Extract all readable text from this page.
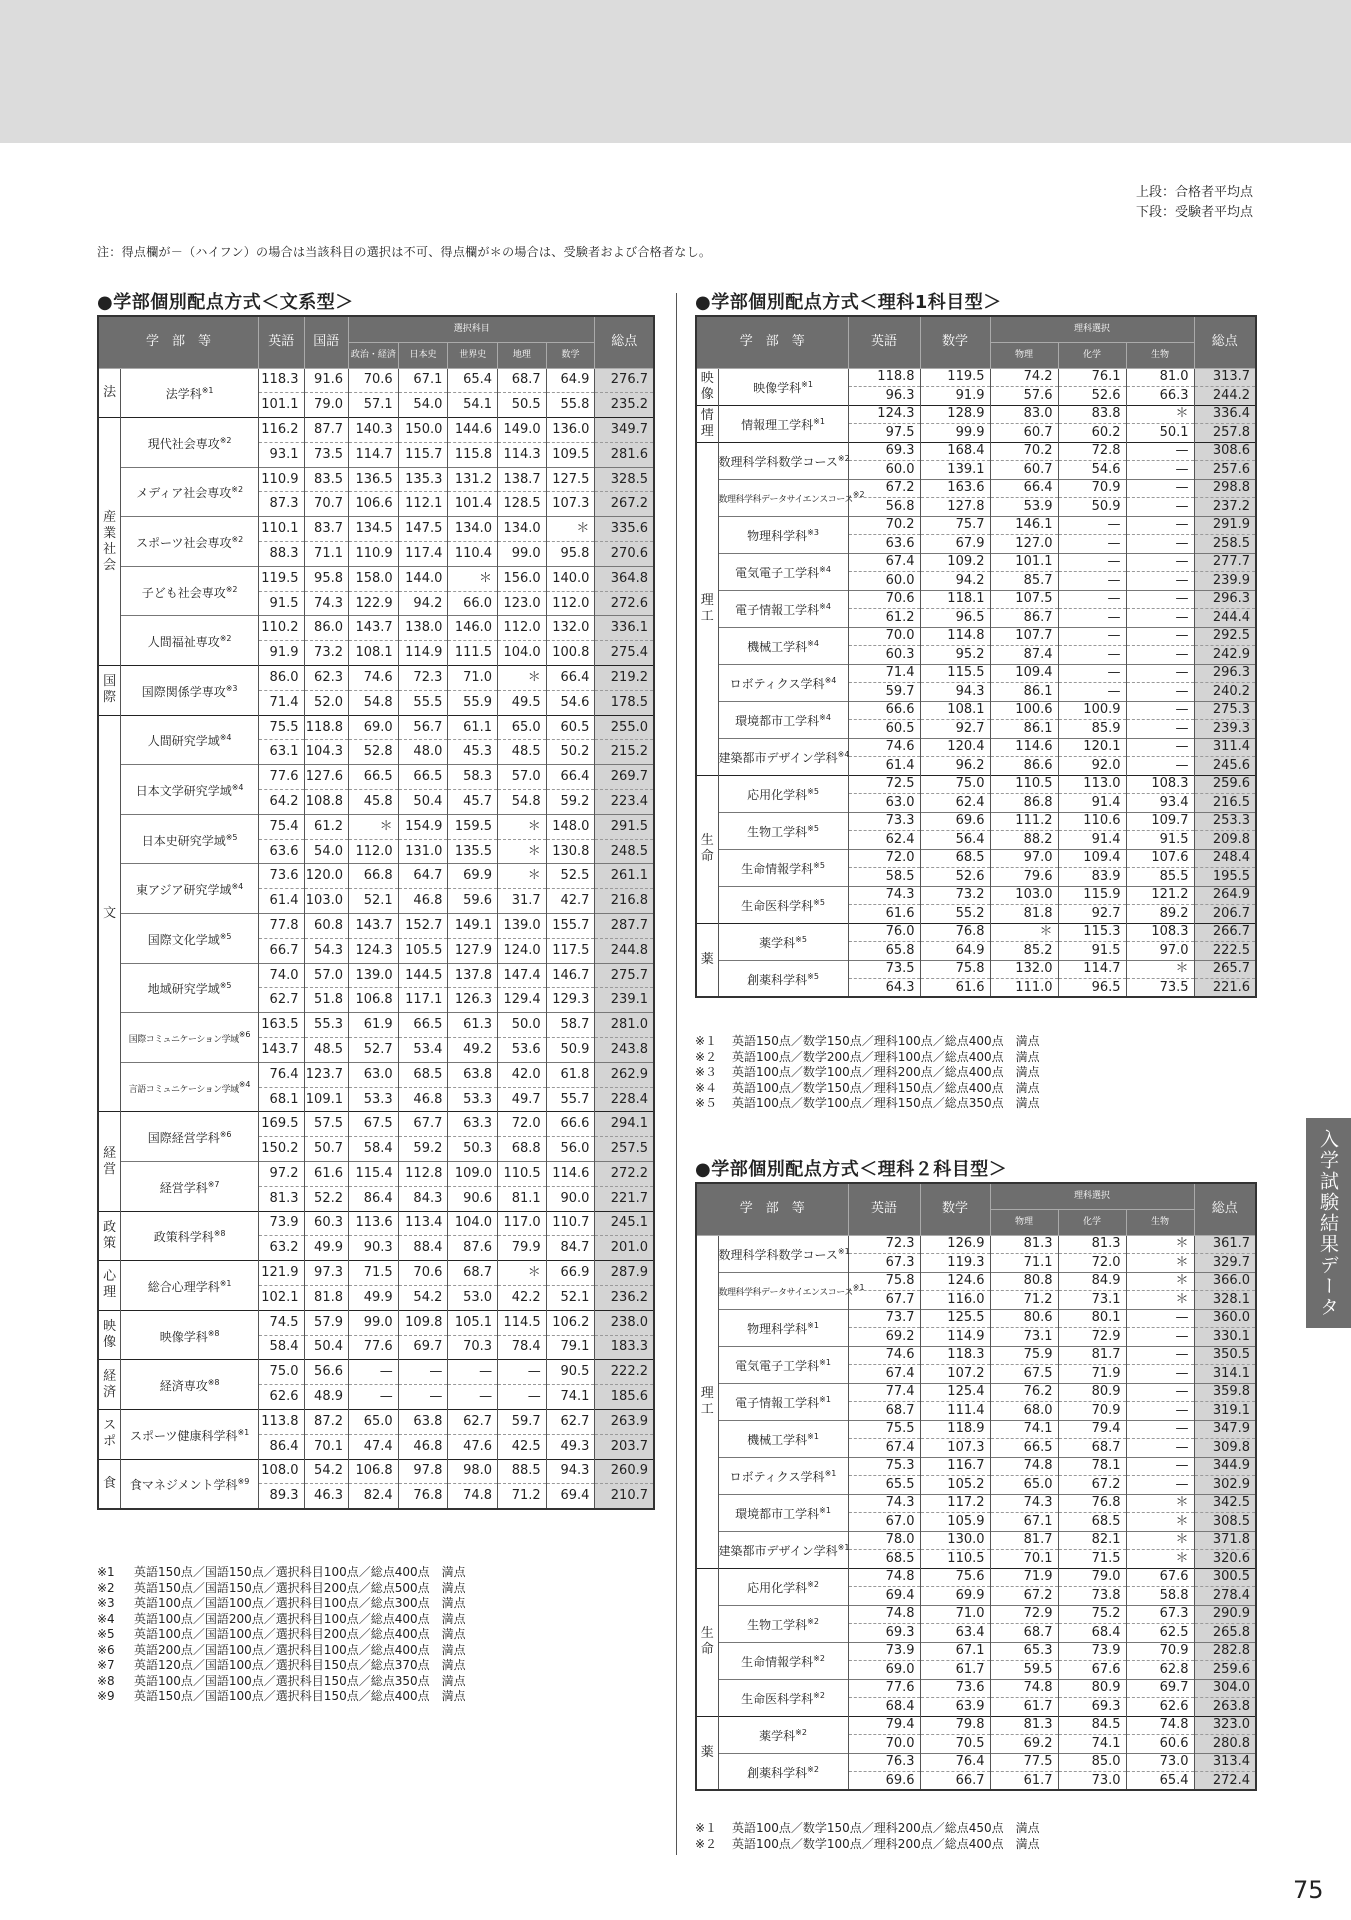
上段：合格者平均点
下段：受験者平均点
注：得点欄が－（ハイフン）の場合は当該科目の選択は不可、得点欄が＊の場合は、受験者および合格者なし。
●学部個別配点方式＜文系型＞
学　部　等		英語	国語	選択科目					総点
				政治・経済	日本史	世界史	地理	数学	

法	法学科$^{※1}$	118.3	91.6	70.6	67.1	65.4	68.7	64.9	276.7
		101.1	79.0	57.1	54.0	54.1	50.5	55.8	235.2

産
業
社
会	現代社会専攻$^{※2}$	116.2	87.7	140.3	150.0	144.6	149.0	136.0	349.7
		93.1	73.5	114.7	115.7	115.8	114.3	109.5	281.6
	メディア社会専攻$^{※2}$	110.9	83.5	136.5	135.3	131.2	138.7	127.5	328.5
		87.3	70.7	106.6	112.1	101.4	128.5	107.3	267.2
	スポーツ社会専攻$^{※2}$	110.1	83.7	134.5	147.5	134.0	134.0	＊	335.6
		88.3	71.1	110.9	117.4	110.4	99.0	95.8	270.6
	子ども社会専攻$^{※2}$	119.5	95.8	158.0	144.0	＊	156.0	140.0	364.8
		91.5	74.3	122.9	94.2	66.0	123.0	112.0	272.6
	人間福祉専攻$^{※2}$	110.2	86.0	143.7	138.0	146.0	112.0	132.0	336.1
		91.9	73.2	108.1	114.9	111.5	104.0	100.8	275.4

国
際	国際関係学専攻$^{※3}$	86.0	62.3	74.6	72.3	71.0	＊	66.4	219.2
		71.4	52.0	54.8	55.5	55.9	49.5	54.6	178.5

文	人間研究学域$^{※4}$	75.5	118.8	69.0	56.7	61.1	65.0	60.5	255.0
		63.1	104.3	52.8	48.0	45.3	48.5	50.2	215.2
	日本文学研究学域$^{※4}$	77.6	127.6	66.5	66.5	58.3	57.0	66.4	269.7
		64.2	108.8	45.8	50.4	45.7	54.8	59.2	223.4
	日本史研究学域$^{※5}$	75.4	61.2	＊	154.9	159.5	＊	148.0	291.5
		63.6	54.0	112.0	131.0	135.5	＊	130.8	248.5
	東アジア研究学域$^{※4}$	73.6	120.0	66.8	64.7	69.9	＊	52.5	261.1
		61.4	103.0	52.1	46.8	59.6	31.7	42.7	216.8
	国際文化学域$^{※5}$	77.8	60.8	143.7	152.7	149.1	139.0	155.7	287.7
		66.7	54.3	124.3	105.5	127.9	124.0	117.5	244.8
	地域研究学域$^{※5}$	74.0	57.0	139.0	144.5	137.8	147.4	146.7	275.7
		62.7	51.8	106.8	117.1	126.3	129.4	129.3	239.1
	国際コミュニケーション学域$^{※6}$	163.5	55.3	61.9	66.5	61.3	50.0	58.7	281.0
		143.7	48.5	52.7	53.4	49.2	53.6	50.9	243.8
	言語コミュニケーション学域$^{※4}$	76.4	123.7	63.0	68.5	63.8	42.0	61.8	262.9
		68.1	109.1	53.3	46.8	53.3	49.7	55.7	228.4

経
営	国際経営学科$^{※6}$	169.5	57.5	67.5	67.7	63.3	72.0	66.6	294.1
		150.2	50.7	58.4	59.2	50.3	68.8	56.0	257.5
	経営学科$^{※7}$	97.2	61.6	115.4	112.8	109.0	110.5	114.6	272.2
		81.3	52.2	86.4	84.3	90.6	81.1	90.0	221.7

政
策	政策科学科$^{※8}$	73.9	60.3	113.6	113.4	104.0	117.0	110.7	245.1
		63.2	49.9	90.3	88.4	87.6	79.9	84.7	201.0

心
理	総合心理学科$^{※1}$	121.9	97.3	71.5	70.6	68.7	＊	66.9	287.9
		102.1	81.8	49.9	54.2	53.0	42.2	52.1	236.2

映
像	映像学科$^{※8}$	74.5	57.9	99.0	109.8	105.1	114.5	106.2	238.0
		58.4	50.4	77.6	69.7	70.3	78.4	79.1	183.3

経
済	経済専攻$^{※8}$	75.0	56.6	—	—	—	—	90.5	222.2
		62.6	48.9	—	—	—	—	74.1	185.6

ス
ポ	スポーツ健康科学科$^{※1}$	113.8	87.2	65.0	63.8	62.7	59.7	62.7	263.9
		86.4	70.1	47.4	46.8	47.6	42.5	49.3	203.7

食	食マネジメント学科$^{※9}$	108.0	54.2	106.8	97.8	98.0	88.5	94.3	260.9
		89.3	46.3	82.4	76.8	74.8	71.2	69.4	210.7
※1 英語150点／国語150点／選択科目100点／総点400点　満点
※2 英語150点／国語150点／選択科目200点／総点500点　満点
※3 英語100点／国語100点／選択科目100点／総点300点　満点
※4 英語100点／国語200点／選択科目100点／総点400点　満点
※5 英語100点／国語100点／選択科目200点／総点400点　満点
※6 英語200点／国語100点／選択科目100点／総点400点　満点
※7 英語120点／国語100点／選択科目150点／総点370点　満点
※8 英語100点／国語100点／選択科目150点／総点350点　満点
※9 英語150点／国語100点／選択科目150点／総点400点　満点
●学部個別配点方式＜理科1科目型＞
学　部　等		英語	数学	理科選択			総点
				物理	化学	生物	

映
像	映像学科$^{※1}$	118.8	119.5	74.2	76.1	81.0	313.7
		96.3	91.9	57.6	52.6	66.3	244.2

情
理	情報理工学科$^{※1}$	124.3	128.9	83.0	83.8	＊	336.4
		97.5	99.9	60.7	60.2	50.1	257.8

理
工	数理科学科数学コース$^{※2}$	69.3	168.4	70.2	72.8	—	308.6
		60.0	139.1	60.7	54.6	—	257.6
	数理科学科データサイエンスコース$^{※2}$	67.2	163.6	66.4	70.9	—	298.8
		56.8	127.8	53.9	50.9	—	237.2
	物理科学科$^{※3}$	70.2	75.7	146.1	—	—	291.9
		63.6	67.9	127.0	—	—	258.5
	電気電子工学科$^{※4}$	67.4	109.2	101.1	—	—	277.7
		60.0	94.2	85.7	—	—	239.9
	電子情報工学科$^{※4}$	70.6	118.1	107.5	—	—	296.3
		61.2	96.5	86.7	—	—	244.4
	機械工学科$^{※4}$	70.0	114.8	107.7	—	—	292.5
		60.3	95.2	87.4	—	—	242.9
	ロボティクス学科$^{※4}$	71.4	115.5	109.4	—	—	296.3
		59.7	94.3	86.1	—	—	240.2
	環境都市工学科$^{※4}$	66.6	108.1	100.6	100.9	—	275.3
		60.5	92.7	86.1	85.9	—	239.3
	建築都市デザイン学科$^{※4}$	74.6	120.4	114.6	120.1	—	311.4
		61.4	96.2	86.6	92.0	—	245.6

生
命	応用化学科$^{※5}$	72.5	75.0	110.5	113.0	108.3	259.6
		63.0	62.4	86.8	91.4	93.4	216.5
	生物工学科$^{※5}$	73.3	69.6	111.2	110.6	109.7	253.3
		62.4	56.4	88.2	91.4	91.5	209.8
	生命情報学科$^{※5}$	72.0	68.5	97.0	109.4	107.6	248.4
		58.5	52.6	79.6	83.9	85.5	195.5
	生命医科学科$^{※5}$	74.3	73.2	103.0	115.9	121.2	264.9
		61.6	55.2	81.8	92.7	89.2	206.7

薬	薬学科$^{※5}$	76.0	76.8	＊	115.3	108.3	266.7
		65.8	64.9	85.2	91.5	97.0	222.5
	創薬科学科$^{※5}$	73.5	75.8	132.0	114.7	＊	265.7
		64.3	61.6	111.0	96.5	73.5	221.6
※１ 英語150点／数学150点／理科100点／総点400点　満点
※２ 英語100点／数学200点／理科100点／総点400点　満点
※３ 英語100点／数学100点／理科200点／総点400点　満点
※４ 英語100点／数学150点／理科150点／総点400点　満点
※５ 英語100点／数学100点／理科150点／総点350点　満点
●学部個別配点方式＜理科２科目型＞
学　部　等		英語	数学	理科選択			総点
				物理	化学	生物	

理
工	数理科学科数学コース$^{※1}$	72.3	126.9	81.3	81.3	＊	361.7
		67.3	119.3	71.1	72.0	＊	329.7
	数理科学科データサイエンスコース$^{※1}$	75.8	124.6	80.8	84.9	＊	366.0
		67.7	116.0	71.2	73.1	＊	328.1
	物理科学科$^{※1}$	73.7	125.5	80.6	80.1	—	360.0
		69.2	114.9	73.1	72.9	—	330.1
	電気電子工学科$^{※1}$	74.6	118.3	75.9	81.7	—	350.5
		67.4	107.2	67.5	71.9	—	314.1
	電子情報工学科$^{※1}$	77.4	125.4	76.2	80.9	—	359.8
		68.7	111.4	68.0	70.9	—	319.1
	機械工学科$^{※1}$	75.5	118.9	74.1	79.4	—	347.9
		67.4	107.3	66.5	68.7	—	309.8
	ロボティクス学科$^{※1}$	75.3	116.7	74.8	78.1	—	344.9
		65.5	105.2	65.0	67.2	—	302.9
	環境都市工学科$^{※1}$	74.3	117.2	74.3	76.8	＊	342.5
		67.0	105.9	67.1	68.5	＊	308.5
	建築都市デザイン学科$^{※1}$	78.0	130.0	81.7	82.1	＊	371.8
		68.5	110.5	70.1	71.5	＊	320.6

生
命	応用化学科$^{※2}$	74.8	75.6	71.9	79.0	67.6	300.5
		69.4	69.9	67.2	73.8	58.8	278.4
	生物工学科$^{※2}$	74.8	71.0	72.9	75.2	67.3	290.9
		69.3	63.4	68.7	68.4	62.5	265.8
	生命情報学科$^{※2}$	73.9	67.1	65.3	73.9	70.9	282.8
		69.0	61.7	59.5	67.6	62.8	259.6
	生命医科学科$^{※2}$	77.6	73.6	74.8	80.9	69.7	304.0
		68.4	63.9	61.7	69.3	62.6	263.8

薬	薬学科$^{※2}$	79.4	79.8	81.3	84.5	74.8	323.0
		70.0	70.5	69.2	74.1	60.6	280.8
	創薬科学科$^{※2}$	76.3	76.4	77.5	85.0	73.0	313.4
		69.6	66.7	61.7	73.0	65.4	272.4
※１ 英語100点／数学150点／理科200点／総点450点　満点
※２ 英語100点／数学100点／理科200点／総点400点　満点
入学試験結果データ
75
